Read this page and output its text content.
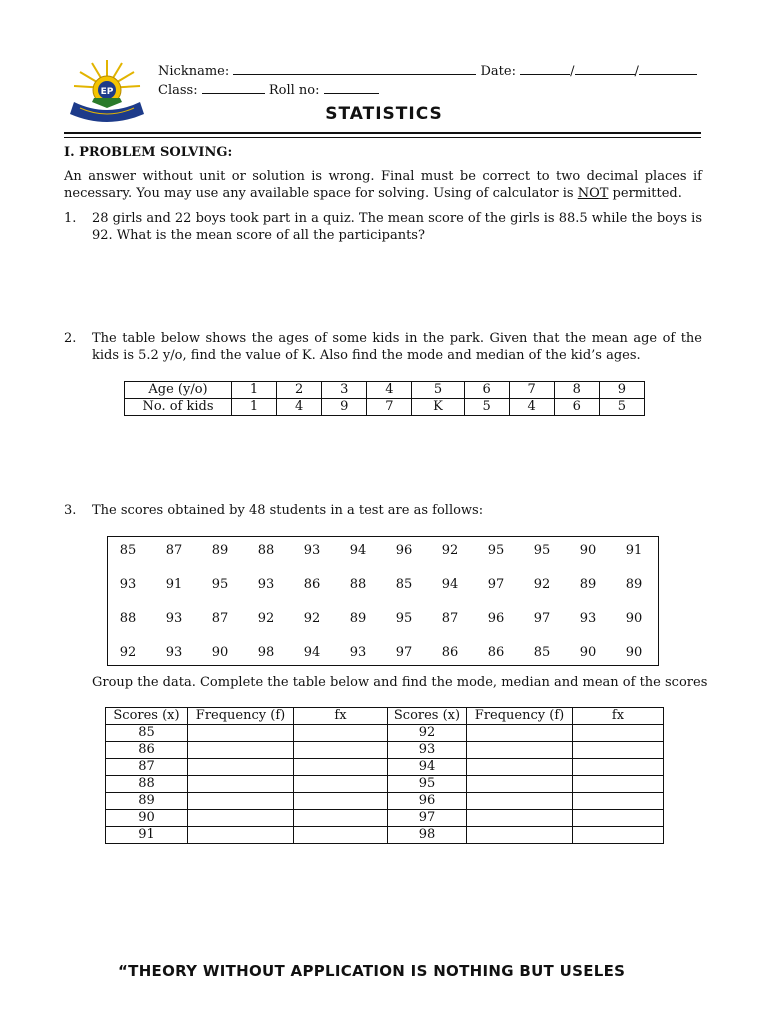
EP
Nickname:	Date:	/	/
Class:	Roll no:
STATISTICS
I. PROBLEM SOLVING:
An answer without unit or solution is wrong. Final must be correct to two decimal places if necessary. You may use any available space for solving. Using of calculator is NOT permitted.
1. 28 girls and 22 boys took part in a quiz. The mean score of the girls is 88.5 while the boys is 92. What is the mean score of all the participants?
2. The table below shows the ages of some kids in the park. Given that the mean age of the kids is 5.2 y/o, find the value of K. Also find the mode and median of the kid’s ages.
Age (y/o)	1	2	3	4	5	6	7	8	9
No. of kids	1	4	9	7	K	5	4	6	5
3. The scores obtained by 48 students in a test are as follows:
85	87	89	88	93	94	96	92	95	95	90	91
93	91	95	93	86	88	85	94	97	92	89	89
88	93	87	92	92	89	95	87	96	97	93	90
92	93	90	98	94	93	97	86	86	85	90	90
Group the data. Complete the table below and find the mode, median and mean of the scores
Scores (x)	Frequency (f)	fx	Scores (x)	Frequency (f)	fx
85			92		
86			93		
87			94		
88			95		
89			96		
90			97		
91			98		
“THEORY WITHOUT APPLICATION IS NOTHING BUT USELES
